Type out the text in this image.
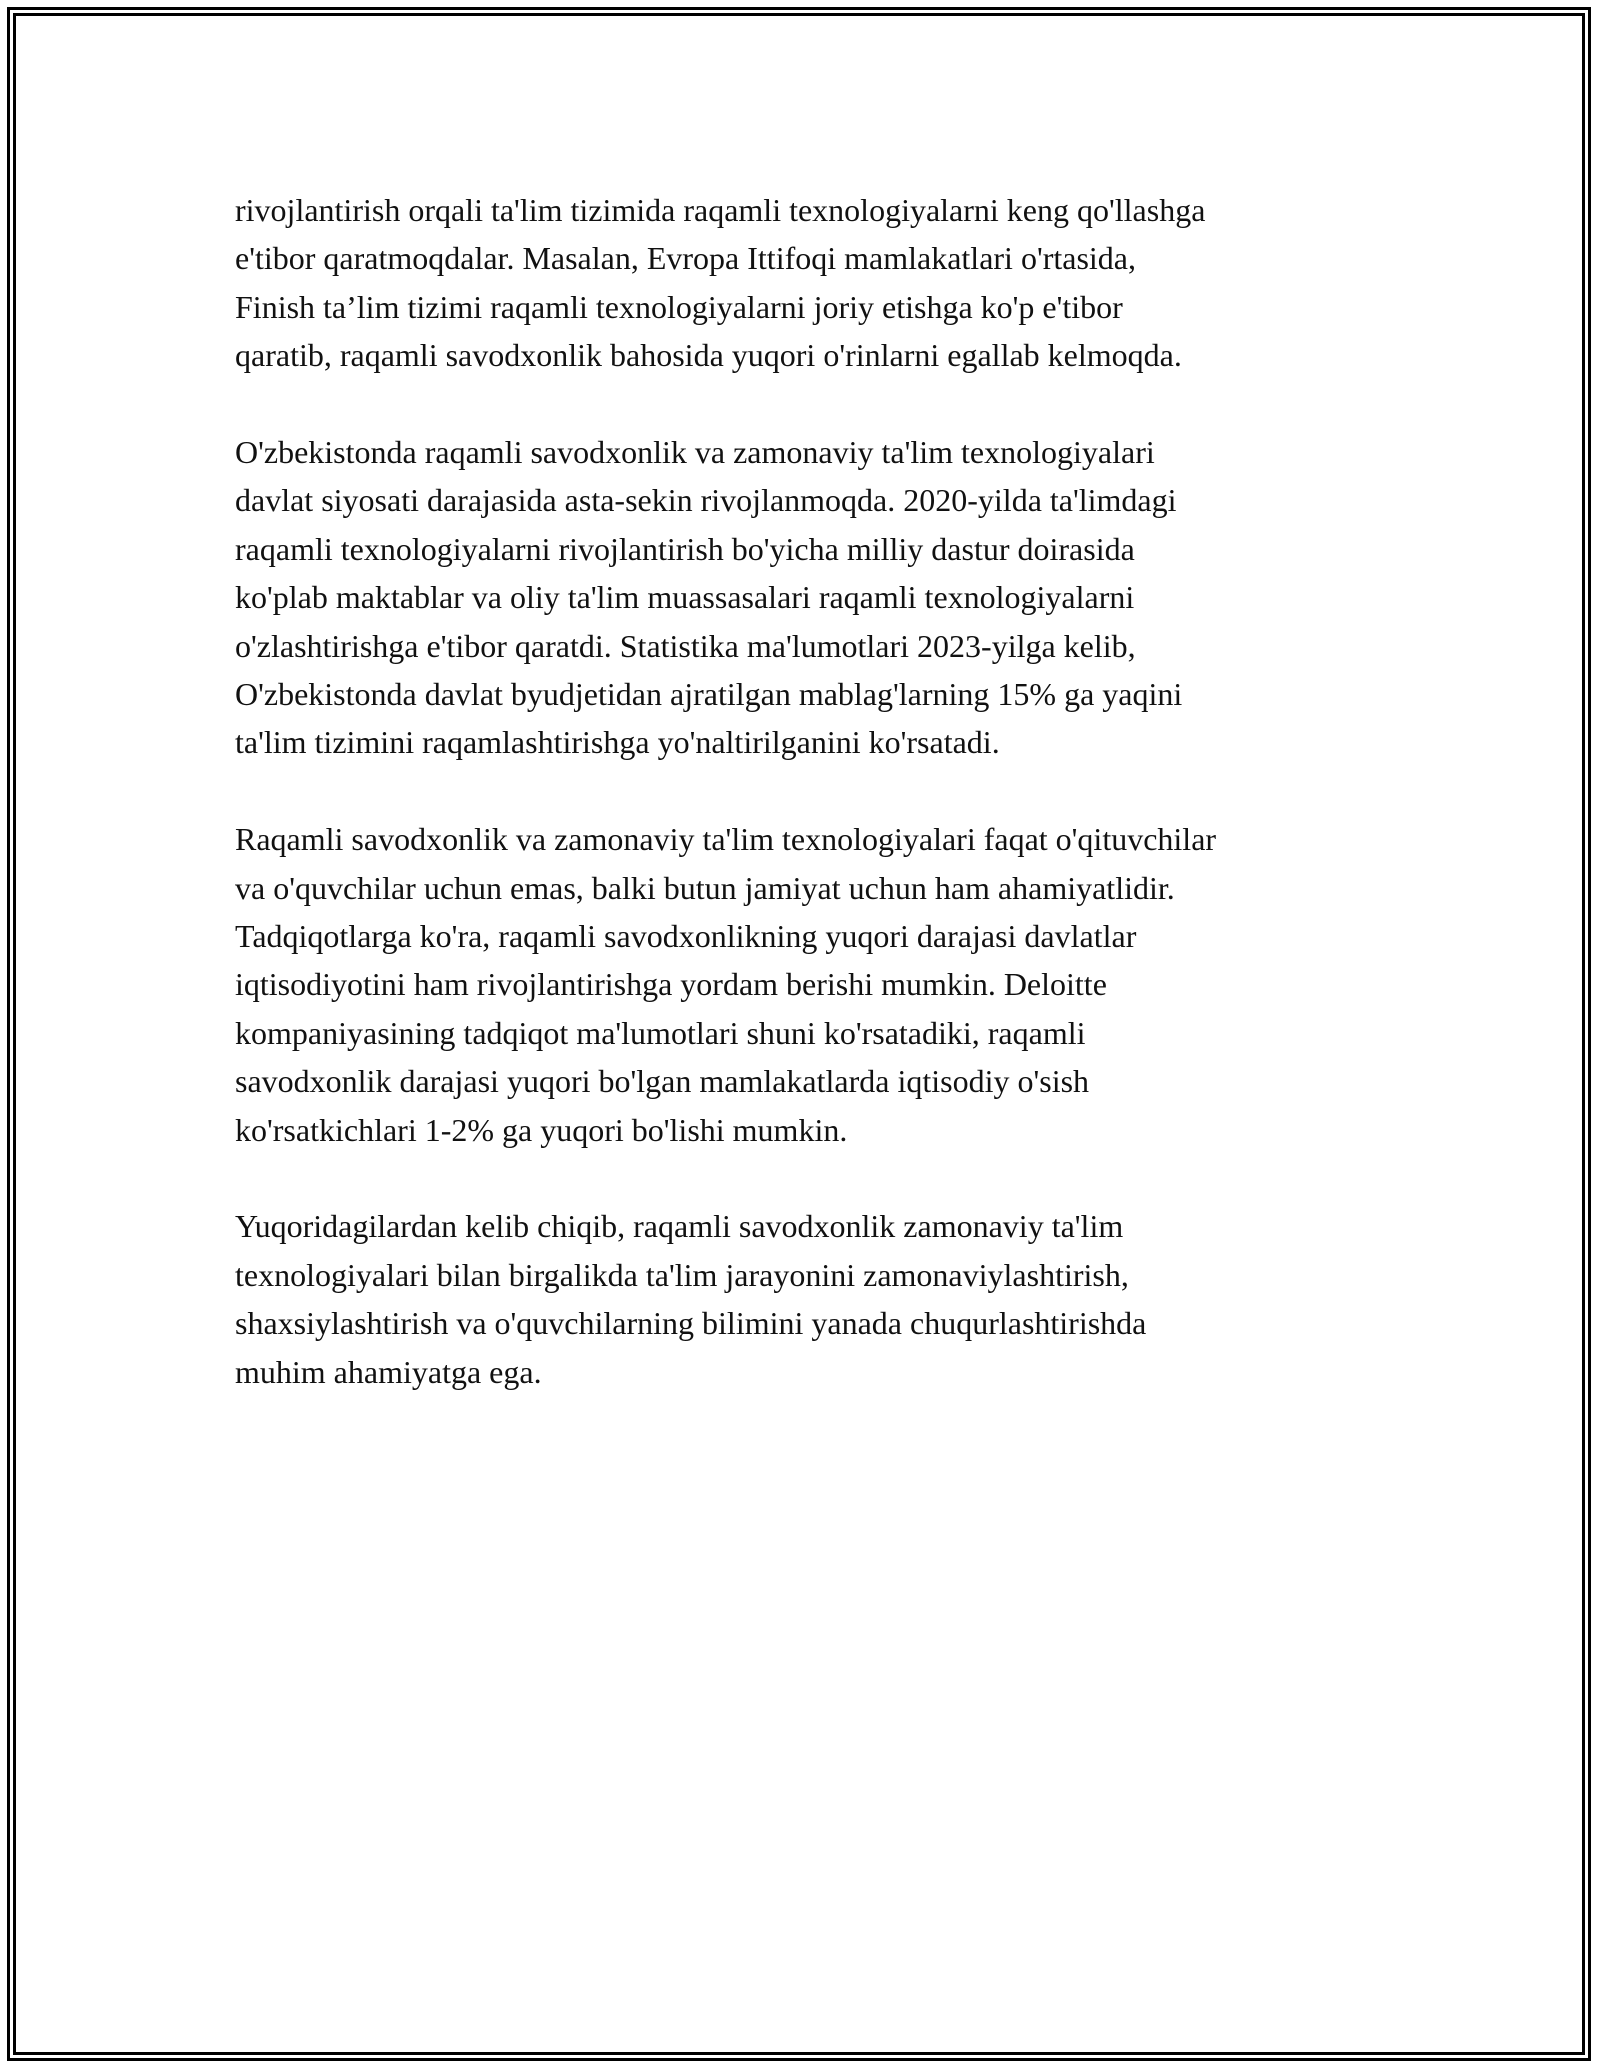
rivojlantirish orqali ta'lim tizimida raqamli texnologiyalarni keng qo'llashga
e'tibor qaratmoqdalar. Masalan, Evropa Ittifoqi mamlakatlari o'rtasida,
Finish ta’lim tizimi raqamli texnologiyalarni joriy etishga ko'p e'tibor
qaratib, raqamli savodxonlik bahosida yuqori o'rinlarni egallab kelmoqda.

O'zbekistonda raqamli savodxonlik va zamonaviy ta'lim texnologiyalari
davlat siyosati darajasida asta-sekin rivojlanmoqda. 2020-yilda ta'limdagi
raqamli texnologiyalarni rivojlantirish bo'yicha milliy dastur doirasida
ko'plab maktablar va oliy ta'lim muassasalari raqamli texnologiyalarni
o'zlashtirishga e'tibor qaratdi. Statistika ma'lumotlari 2023-yilga kelib,
O'zbekistonda davlat byudjetidan ajratilgan mablag'larning 15% ga yaqini
ta'lim tizimini raqamlashtirishga yo'naltirilganini ko'rsatadi.

Raqamli savodxonlik va zamonaviy ta'lim texnologiyalari faqat o'qituvchilar
va o'quvchilar uchun emas, balki butun jamiyat uchun ham ahamiyatlidir.
Tadqiqotlarga ko'ra, raqamli savodxonlikning yuqori darajasi davlatlar
iqtisodiyotini ham rivojlantirishga yordam berishi mumkin. Deloitte
kompaniyasining tadqiqot ma'lumotlari shuni ko'rsatadiki, raqamli
savodxonlik darajasi yuqori bo'lgan mamlakatlarda iqtisodiy o'sish
ko'rsatkichlari 1-2% ga yuqori bo'lishi mumkin.

Yuqoridagilardan kelib chiqib, raqamli savodxonlik zamonaviy ta'lim
texnologiyalari bilan birgalikda ta'lim jarayonini zamonaviylashtirish,
shaxsiylashtirish va o'quvchilarning bilimini yanada chuqurlashtirishda
muhim ahamiyatga ega.
